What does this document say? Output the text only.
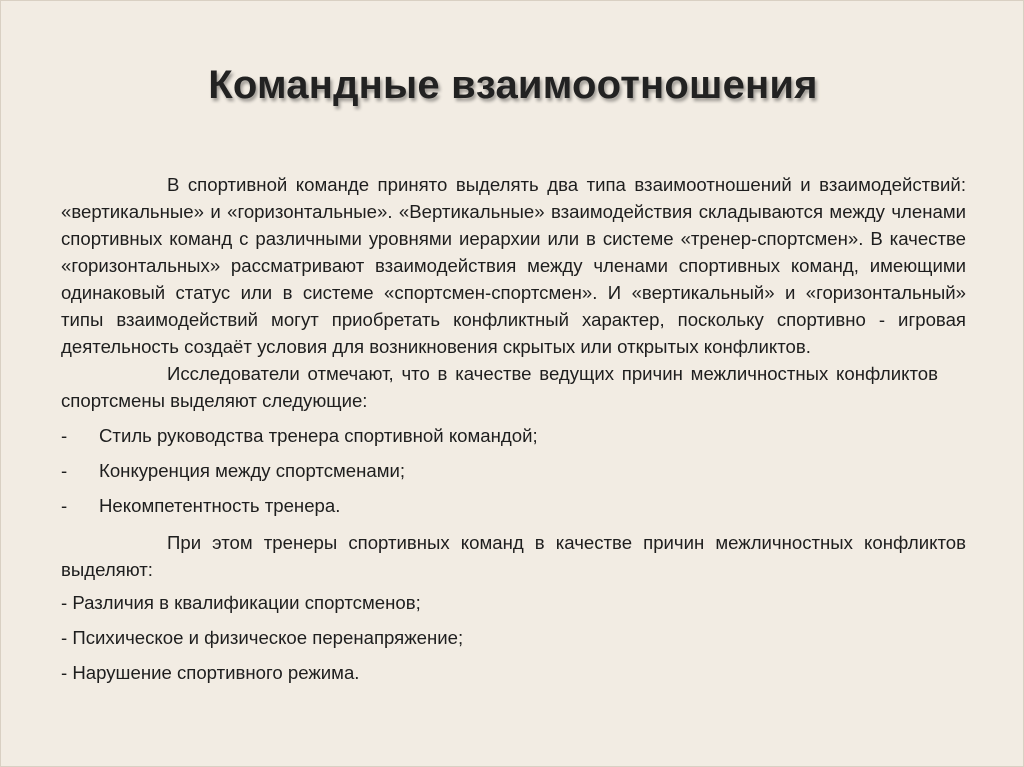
Командные взаимоотношения

В спортивной команде принято выделять два типа взаимоотношений и взаимодействий: «вертикальные» и «горизонтальные». «Вертикальные» взаимодействия складываются между членами спортивных команд с различными уровнями иерархии или в системе «тренер-спортсмен». В качестве «горизонтальных» рассматривают взаимодействия между членами спортивных команд, имеющими одинаковый статус или в системе «спортсмен-спортсмен». И «вертикальный» и «горизонтальный» типы взаимодействий могут приобретать конфликтный характер, поскольку спортивно - игровая деятельность создаёт условия для возникновения скрытых или открытых конфликтов.

Исследователи отмечают, что в качестве ведущих причин межличностных конфликтов спортсмены выделяют следующие:

-	Стиль руководства тренера спортивной командой;
-	Конкуренция между спортсменами;
-	Некомпетентность тренера.

При этом тренеры спортивных команд в качестве причин межличностных конфликтов выделяют:

- Различия в квалификации спортсменов;
- Психическое и физическое перенапряжение;
- Нарушение спортивного режима.
